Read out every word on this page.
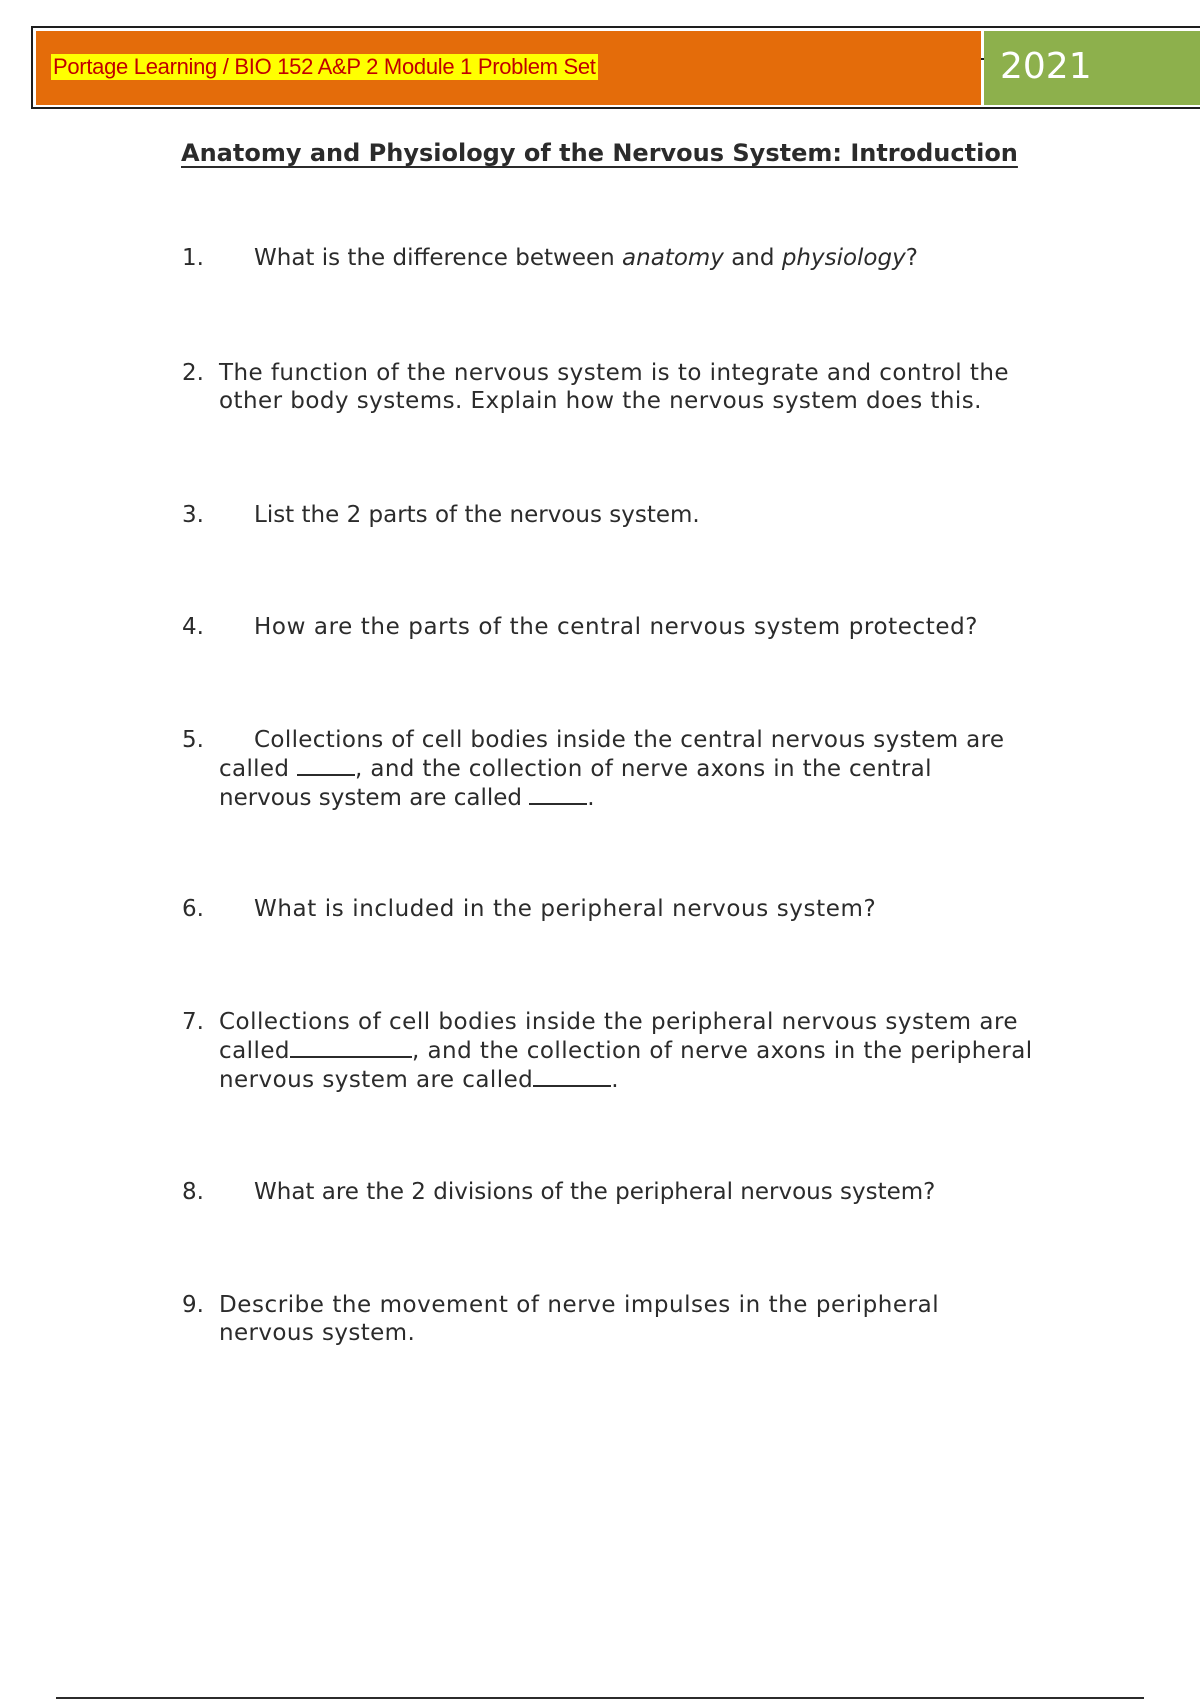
Portage Learning / BIO 152 A&P 2 Module 1 Problem Set	2021
Anatomy and Physiology of the Nervous System: Introduction
1. What is the difference between anatomy and physiology?
2. The function of the nervous system is to integrate and control the
other body systems. Explain how the nervous system does this.
3. List the 2 parts of the nervous system.
4. How are the parts of the central nervous system protected?
5.	Collections of cell bodies inside the central nervous system are
called	, and the collection of nerve axons in the central
nervous system are called	.
6. What is included in the peripheral nervous system?
7. Collections of cell bodies inside the peripheral nervous system are
called	, and the collection of nerve axons in the peripheral
nervous system are called	.
8. What are the 2 divisions of the peripheral nervous system?
9. Describe the movement of nerve impulses in the peripheral
nervous system.
